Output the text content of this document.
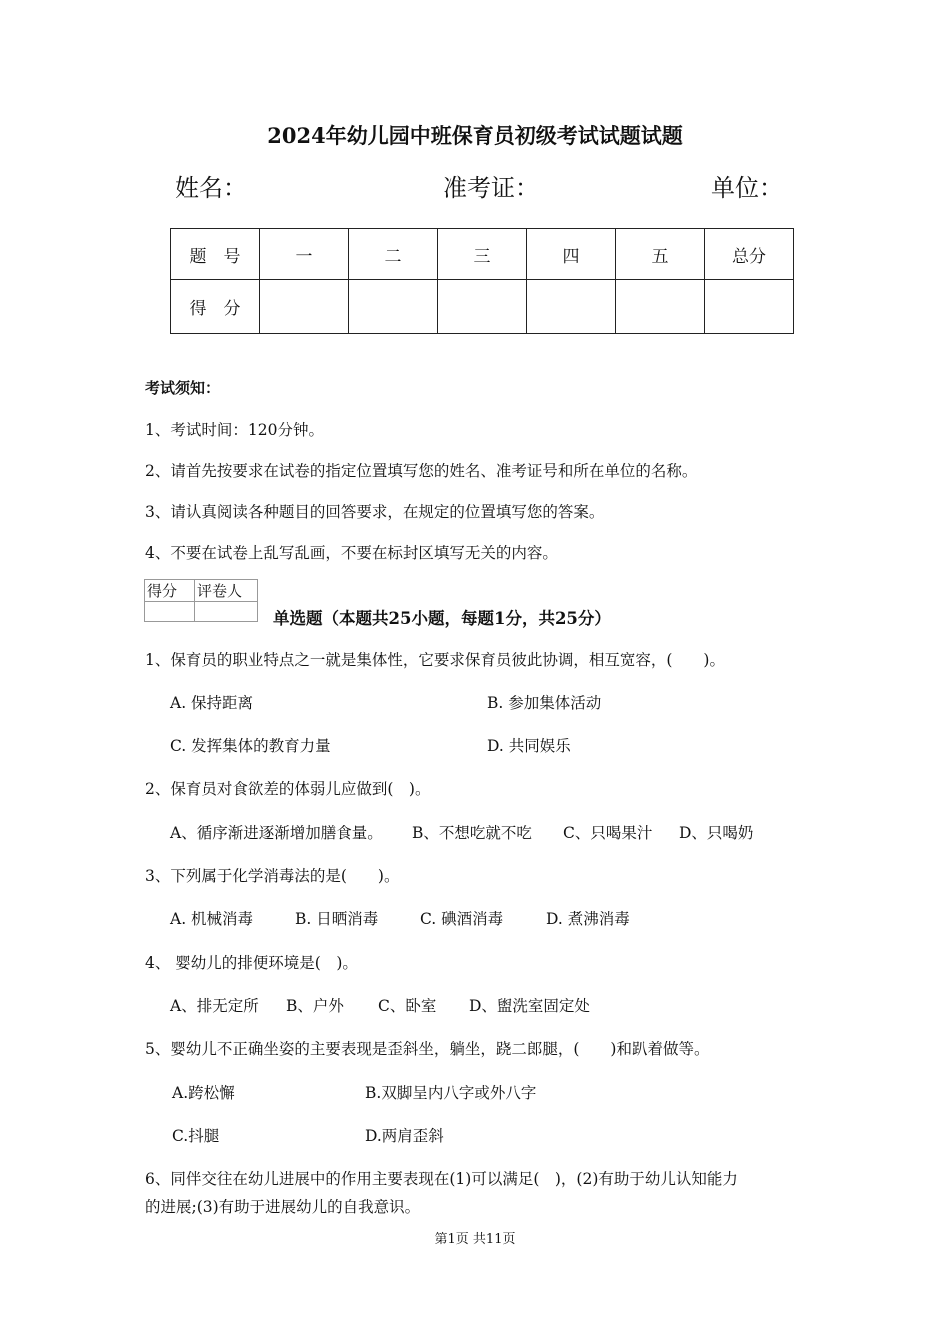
2024年幼儿园中班保育员初级考试试题试题
姓名：	准考证：	单位：
题　号	一	二	三	四	五	总分
得　分						
考试须知：
1、考试时间：120分钟。
2、请首先按要求在试卷的指定位置填写您的姓名、准考证号和所在单位的名称。
3、请认真阅读各种题目的回答要求，在规定的位置填写您的答案。
4、不要在试卷上乱写乱画，不要在标封区填写无关的内容。
得分	评卷人

单选题（本题共25小题，每题1分，共25分）
1、保育员的职业特点之一就是集体性，它要求保育员彼此协调，相互宽容，(　　)。
A. 保持距离	B. 参加集体活动
C. 发挥集体的教育力量	D. 共同娱乐
2、保育员对食欲差的体弱儿应做到(　)。
A、循序渐进逐渐增加膳食量。 B、不想吃就不吃 C、只喝果汁 D、只喝奶
3、下列属于化学消毒法的是(　　)。
A. 机械消毒	B. 日晒消毒	C. 碘酒消毒	D. 煮沸消毒
4、 婴幼儿的排便环境是(　)。
A、排无定所 B、户外 C、卧室 D、盥洗室固定处
5、婴幼儿不正确坐姿的主要表现是歪斜坐，躺坐，跷二郎腿，(　　)和趴着做等。
A.跨松懈	B.双脚呈内八字或外八字
C.抖腿	D.两肩歪斜
6、同伴交往在幼儿进展中的作用主要表现在(1)可以满足(　)，(2)有助于幼儿认知能力
的进展;(3)有助于进展幼儿的自我意识。
第1页 共11页
